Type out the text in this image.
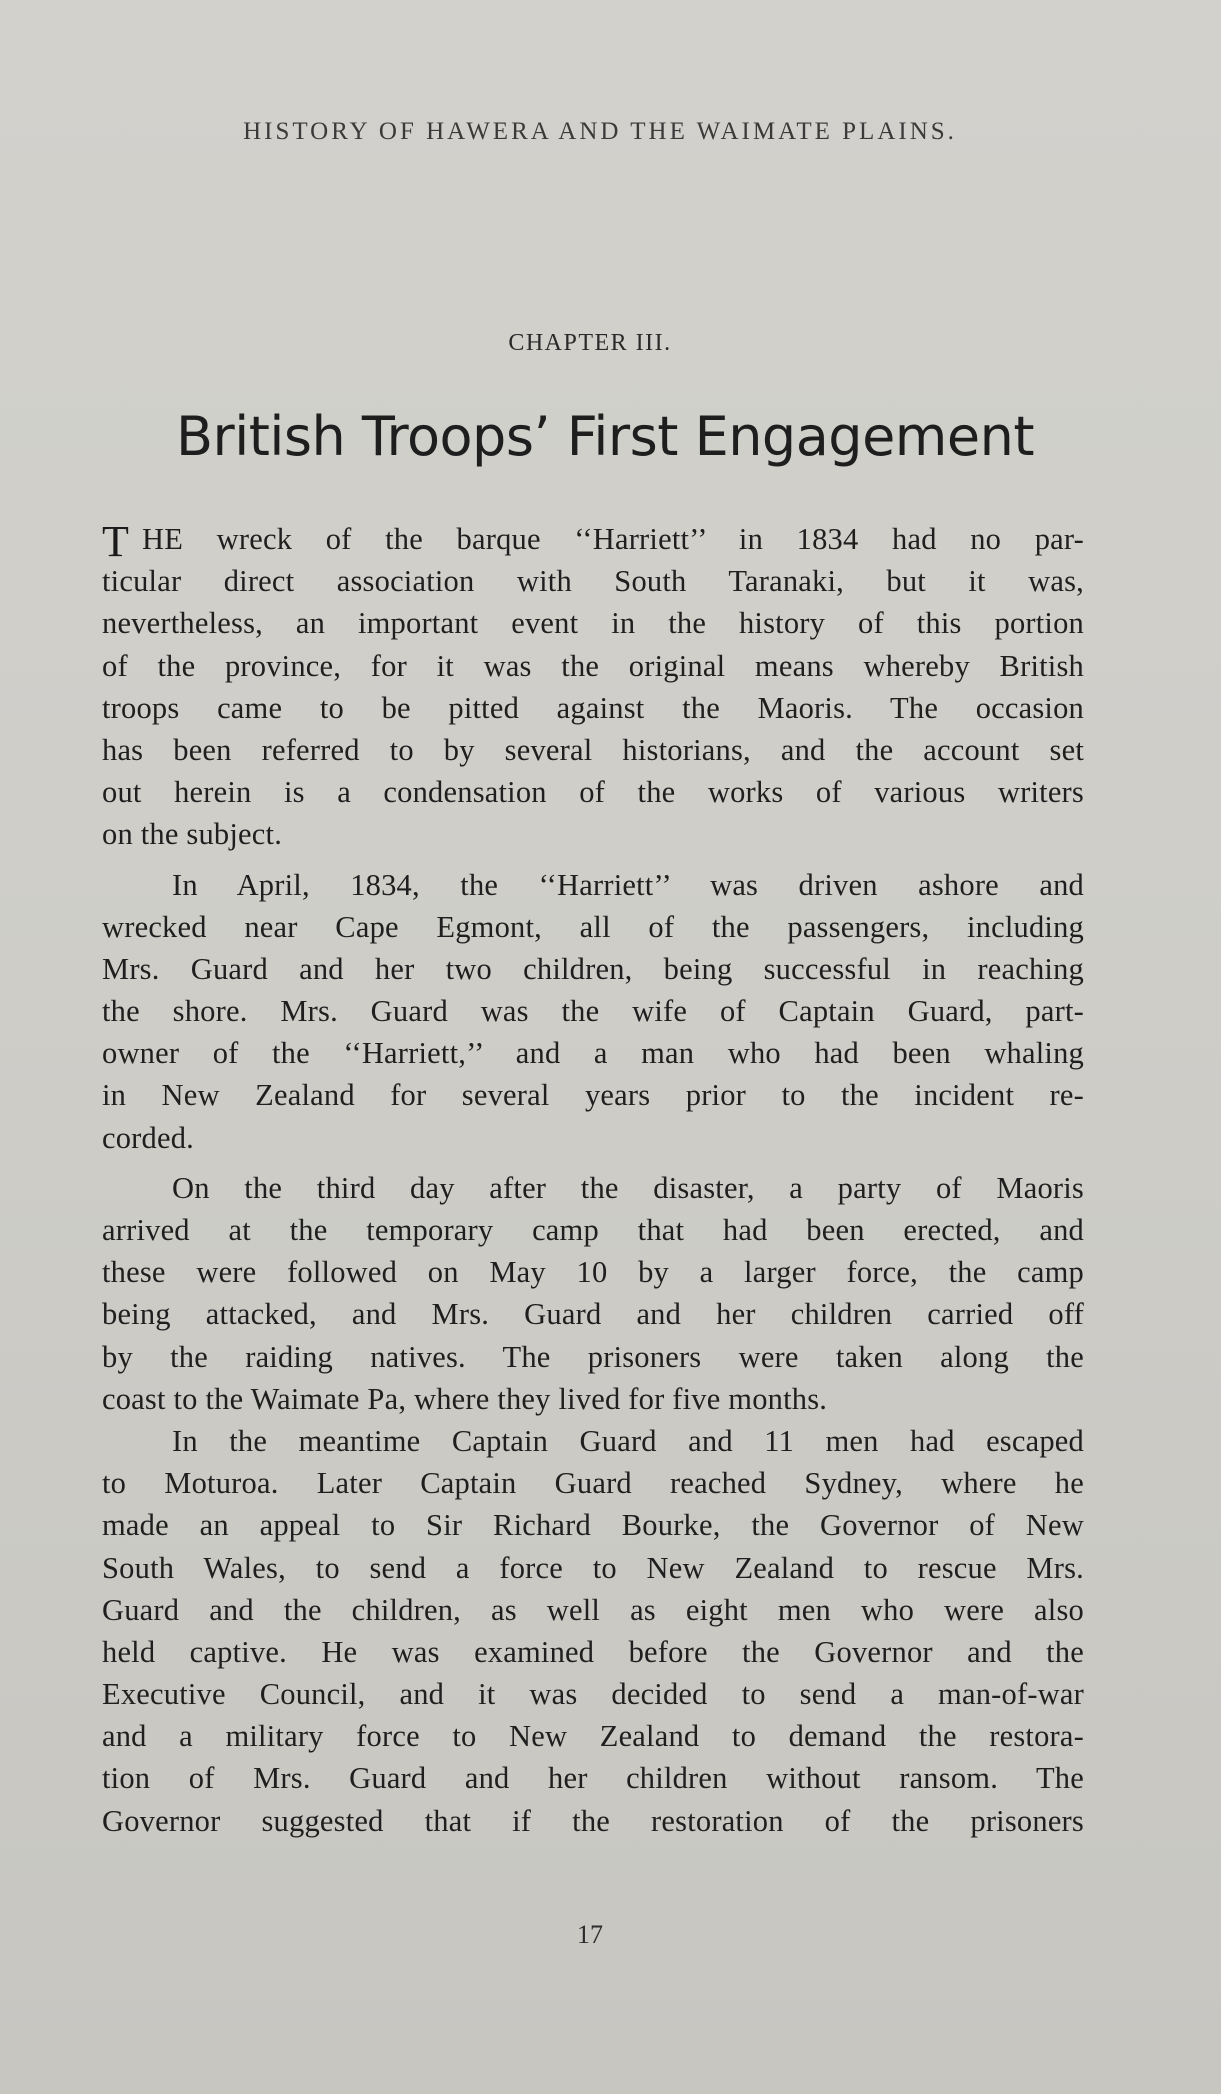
HISTORY OF HAWERA AND THE WAIMATE PLAINS.
CHAPTER III.
British Troops’ First Engagement
T HE wreck of the barque ‘‘Harriett’’ in 1834 had no par-
ticular direct association with South Taranaki, but it was,
nevertheless, an important event in the history of this portion
of the province, for it was the original means whereby British
troops came to be pitted against the Maoris. The occasion
has been referred to by several historians, and the account set
out herein is a condensation of the works of various writers
on the subject.
In April, 1834, the ‘‘Harriett’’ was driven ashore and
wrecked near Cape Egmont, all of the passengers, including
Mrs. Guard and her two children, being successful in reaching
the shore. Mrs. Guard was the wife of Captain Guard, part-
owner of the ‘‘Harriett,’’ and a man who had been whaling
in New Zealand for several years prior to the incident re-
corded.
On the third day after the disaster, a party of Maoris
arrived at the temporary camp that had been erected, and
these were followed on May 10 by a larger force, the camp
being attacked, and Mrs. Guard and her children carried off
by the raiding natives. The prisoners were taken along the
coast to the Waimate Pa, where they lived for five months.
In the meantime Captain Guard and 11 men had escaped
to Moturoa. Later Captain Guard reached Sydney, where he
made an appeal to Sir Richard Bourke, the Governor of New
South Wales, to send a force to New Zealand to rescue Mrs.
Guard and the children, as well as eight men who were also
held captive. He was examined before the Governor and the
Executive Council, and it was decided to send a man-of-war
and a military force to New Zealand to demand the restora-
tion of Mrs. Guard and her children without ransom. The
Governor suggested that if the restoration of the prisoners
17
